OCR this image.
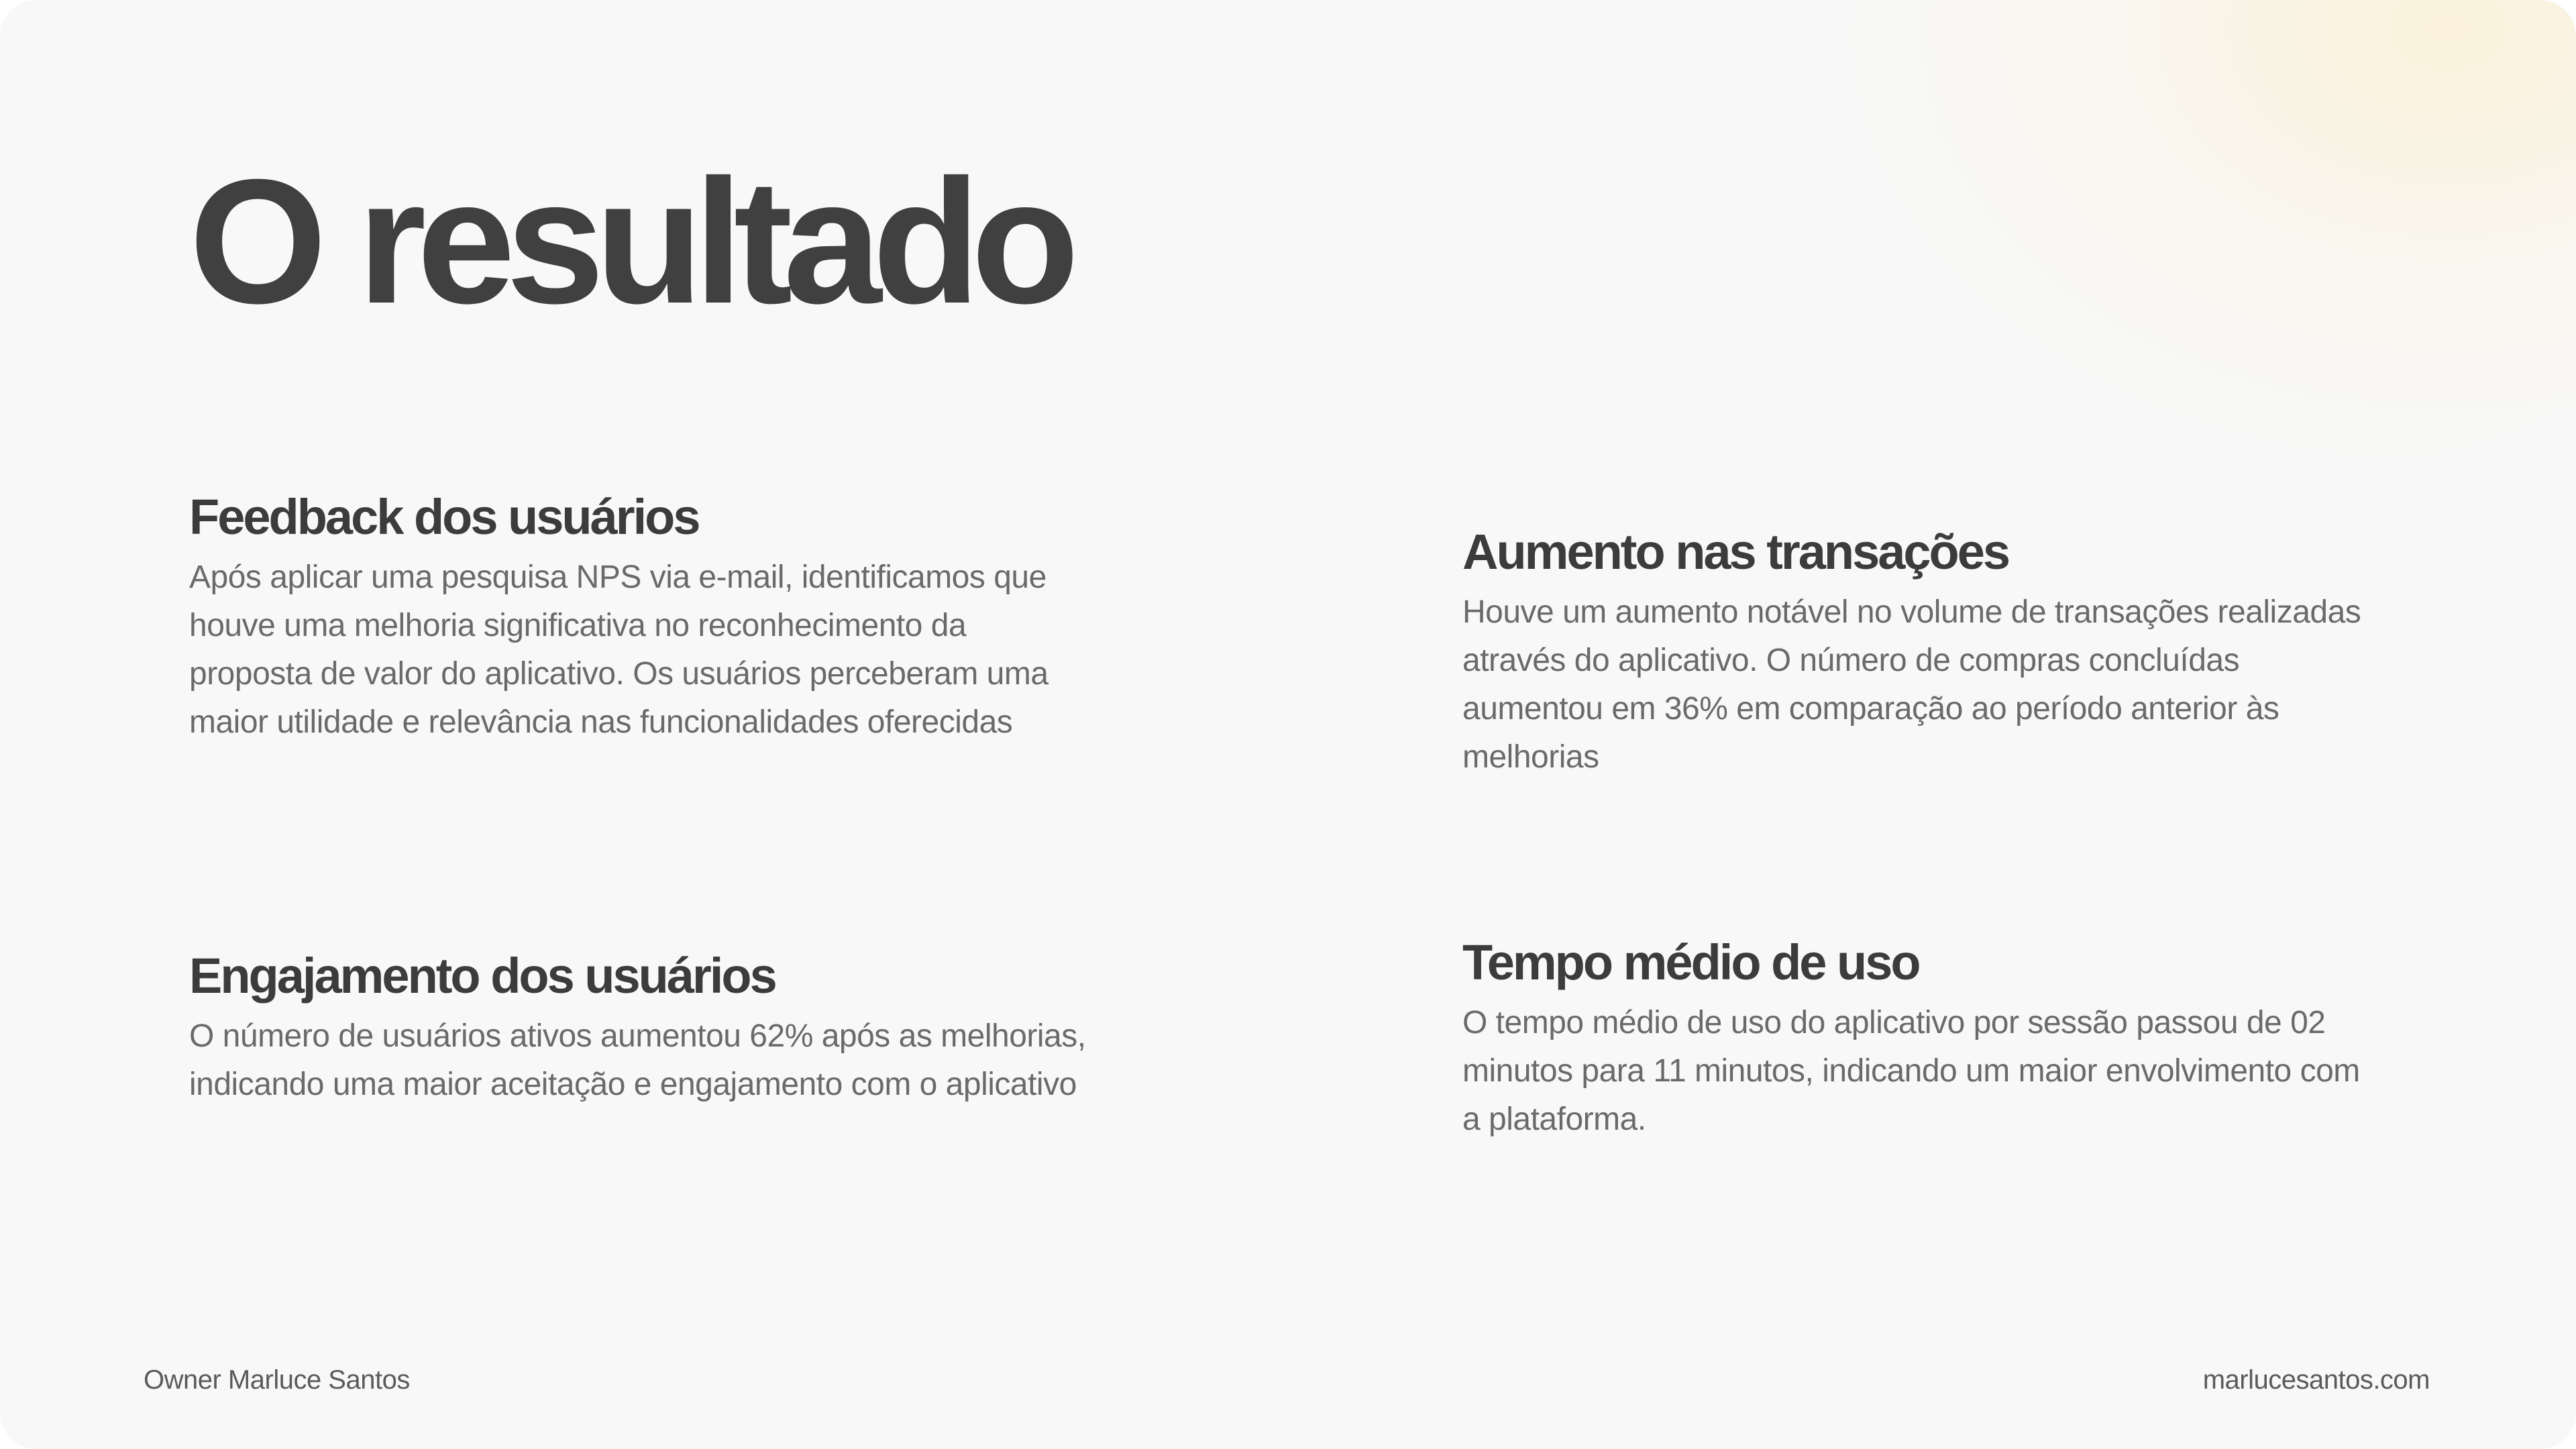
O resultado
Feedback dos usuários

Após aplicar uma pesquisa NPS via e-mail, identificamos que houve uma melhoria significativa no reconhecimento da proposta de valor do aplicativo. Os usuários perceberam uma maior utilidade e relevância nas funcionalidades oferecidas

Aumento nas transações

Houve um aumento notável no volume de transações realizadas através do aplicativo. O número de compras concluídas aumentou em 36% em comparação ao período anterior às melhorias

Engajamento dos usuários

O número de usuários ativos aumentou 62% após as melhorias, indicando uma maior aceitação e engajamento com o aplicativo

Tempo médio de uso

O tempo médio de uso do aplicativo por sessão passou de 02 minutos para 11 minutos, indicando um maior envolvimento com a plataforma.

Owner Marluce Santos	marlucesantos.com
